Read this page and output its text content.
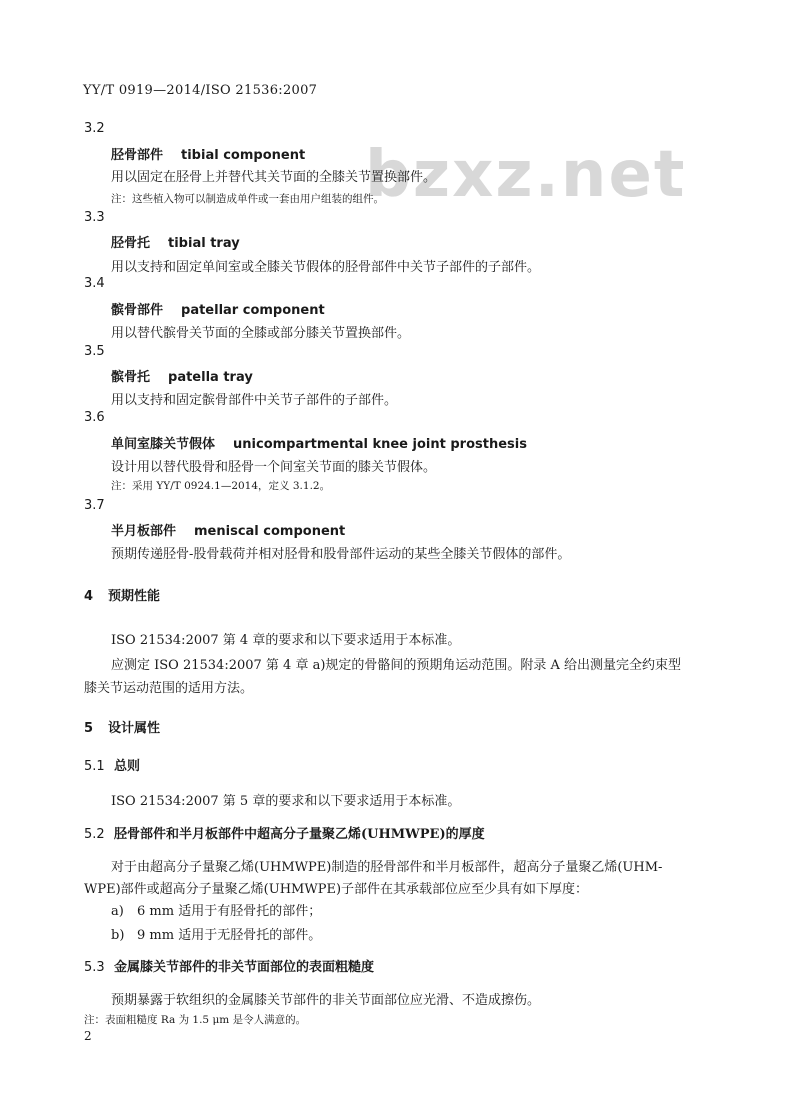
YY/T 0919—2014/ISO 21536:2007
bzxz.net
3.2
胫骨部件 tibial component
用以固定在胫骨上并替代其关节面的全膝关节置换部件。
注：这些植入物可以制造成单件或一套由用户组装的组件。
3.3
胫骨托 tibial tray
用以支持和固定单间室或全膝关节假体的胫骨部件中关节子部件的子部件。
3.4
髌骨部件 patellar component
用以替代髌骨关节面的全膝或部分膝关节置换部件。
3.5
髌骨托 patella tray
用以支持和固定髌骨部件中关节子部件的子部件。
3.6
单间室膝关节假体 unicompartmental knee joint prosthesis
设计用以替代股骨和胫骨一个间室关节面的膝关节假体。
注：采用 YY/T 0924.1—2014，定义 3.1.2。
3.7
半月板部件 meniscal component
预期传递胫骨-股骨载荷并相对胫骨和股骨部件运动的某些全膝关节假体的部件。
4 预期性能
ISO 21534:2007 第 4 章的要求和以下要求适用于本标准。
应测定 ISO 21534:2007 第 4 章 a)规定的骨骼间的预期角运动范围。附录 A 给出测量完全约束型
膝关节运动范围的适用方法。
5 设计属性
5.1 总则
ISO 21534:2007 第 5 章的要求和以下要求适用于本标准。
5.2 胫骨部件和半月板部件中超高分子量聚乙烯(UHMWPE)的厚度
对于由超高分子量聚乙烯(UHMWPE)制造的胫骨部件和半月板部件，超高分子量聚乙烯(UHM-
WPE)部件或超高分子量聚乙烯(UHMWPE)子部件在其承载部位应至少具有如下厚度：
a) 6 mm 适用于有胫骨托的部件；
b) 9 mm 适用于无胫骨托的部件。
5.3 金属膝关节部件的非关节面部位的表面粗糙度
预期暴露于软组织的金属膝关节部件的非关节面部位应光滑、不造成擦伤。
注：表面粗糙度 Ra 为 1.5 μm 是令人满意的。
2
